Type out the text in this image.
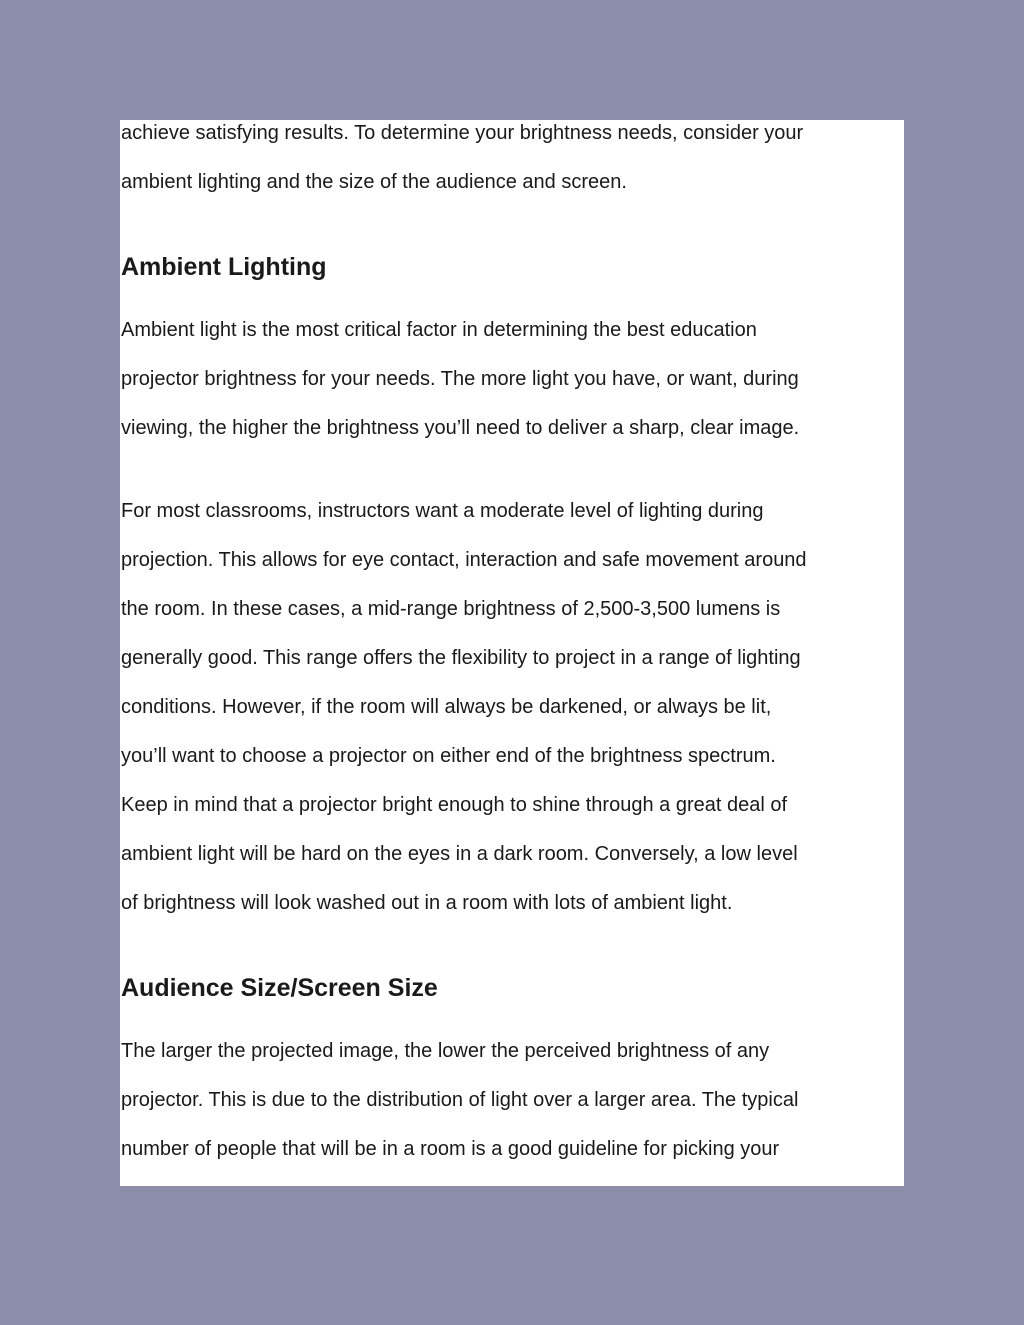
achieve satisfying results. To determine your brightness needs, consider your
ambient lighting and the size of the audience and screen.

Ambient Lighting

Ambient light is the most critical factor in determining the best education
projector brightness for your needs. The more light you have, or want, during
viewing, the higher the brightness you’ll need to deliver a sharp, clear image.

For most classrooms, instructors want a moderate level of lighting during
projection. This allows for eye contact, interaction and safe movement around
the room. In these cases, a mid-range brightness of 2,500-3,500 lumens is
generally good. This range offers the flexibility to project in a range of lighting
conditions. However, if the room will always be darkened, or always be lit,
you’ll want to choose a projector on either end of the brightness spectrum.
Keep in mind that a projector bright enough to shine through a great deal of
ambient light will be hard on the eyes in a dark room. Conversely, a low level
of brightness will look washed out in a room with lots of ambient light.

Audience Size/Screen Size

The larger the projected image, the lower the perceived brightness of any
projector. This is due to the distribution of light over a larger area. The typical
number of people that will be in a room is a good guideline for picking your
